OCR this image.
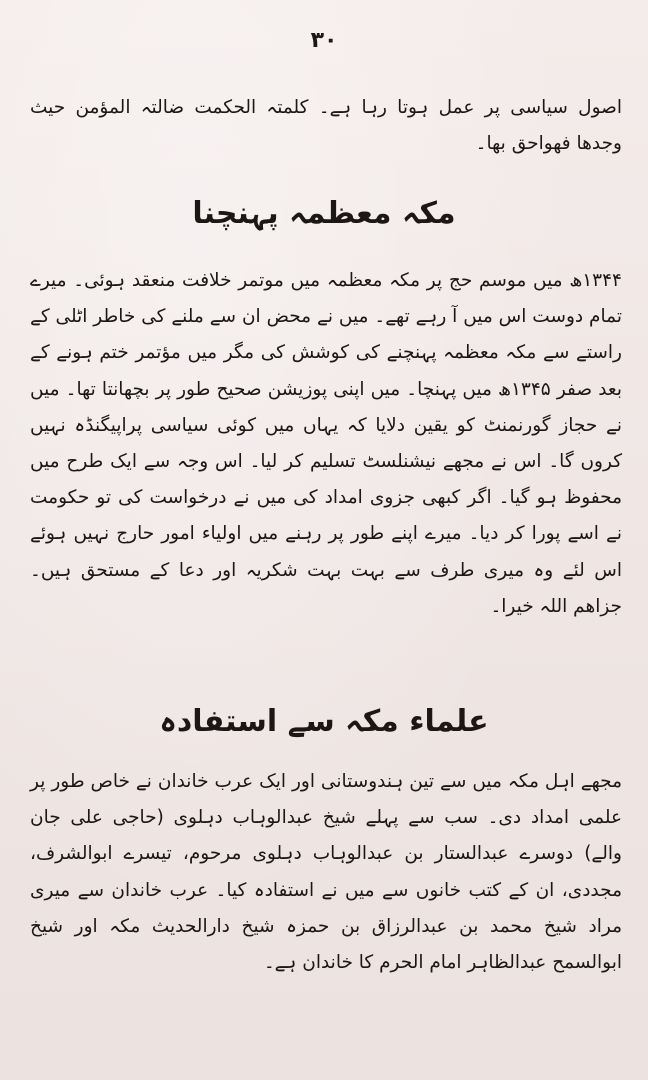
۳۰
اصول سیاسی پر عمل ہوتا رہا ہے۔ کلمتہ الحکمت ضالتہ المؤمن حیث وجدھا فھواحق بھا۔
مکہ معظمہ پہنچنا
۱۳۴۴ھ میں موسم حج پر مکہ معظمہ میں موتمر خلافت منعقد ہوئی۔ میرے تمام دوست اس میں آ رہے تھے۔ میں نے محض ان سے ملنے کی خاطر اٹلی کے راستے سے مکہ معظمہ پہنچنے کی کوشش کی مگر میں مؤتمر ختم ہونے کے بعد صفر ۱۳۴۵ھ میں پہنچا۔ میں اپنی پوزیشن صحیح طور پر بچھانتا تھا۔ میں نے حجاز گورنمنٹ کو یقین دلایا کہ یہاں میں کوئی سیاسی پراپیگنڈہ نہیں کروں گا۔ اس نے مجھے نیشنلسٹ تسلیم کر لیا۔ اس وجہ سے ایک طرح میں محفوظ ہو گیا۔ اگر کبھی جزوی امداد کی میں نے درخواست کی تو حکومت نے اسے پورا کر دیا۔ میرے اپنے طور پر رہنے میں اولیاء امور حارج نہیں ہوئے اس لئے وہ میری طرف سے بہت بہت شکریہ اور دعا کے مستحق ہیں۔ جزاھم اللہ خیرا۔
علماء مکہ سے استفادہ
مجھے اہل مکہ میں سے تین ہندوستانی اور ایک عرب خاندان نے خاص طور پر علمی امداد دی۔ سب سے پہلے شیخ عبدالوہاب دہلوی (حاجی علی جان والے) دوسرے عبدالستار بن عبدالوہاب دہلوی مرحوم، تیسرے ابوالشرف، مجددی، ان کے کتب خانوں سے میں نے استفادہ کیا۔ عرب خاندان سے میری مراد شیخ محمد بن عبدالرزاق بن حمزہ شیخ دارالحدیث مکہ اور شیخ ابوالسمح عبدالظاہر امام الحرم کا خاندان ہے۔
